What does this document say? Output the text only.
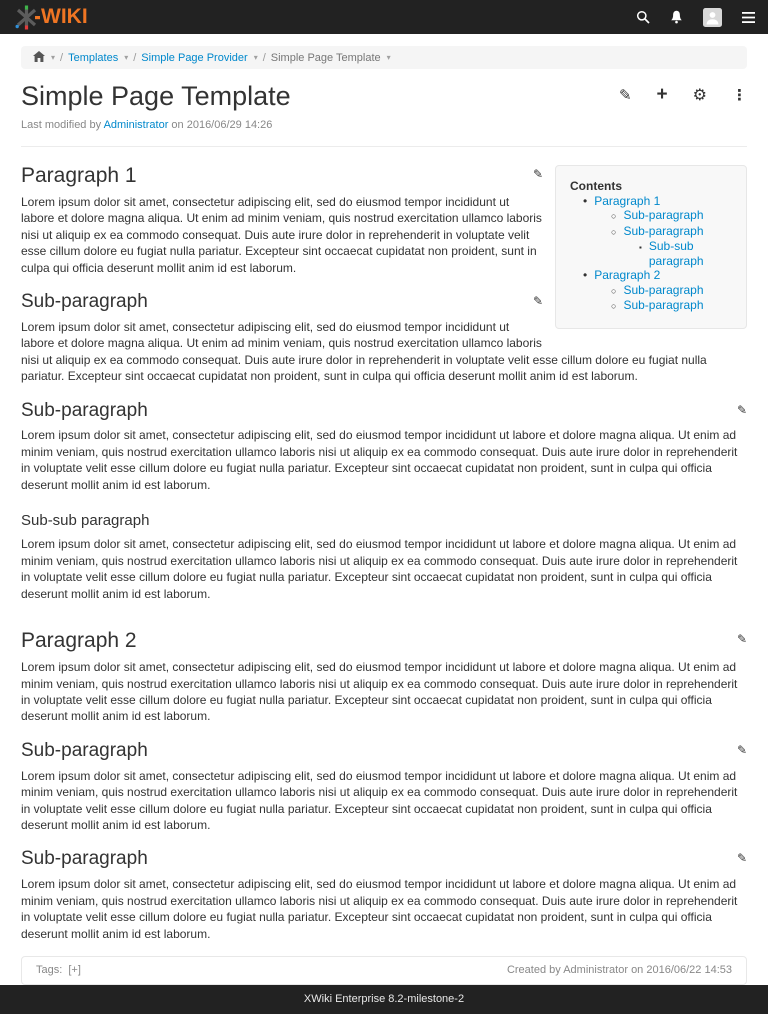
WIKI
▾ / Templates ▾ / Simple Page Provider ▾ / Simple Page Template ▾
Simple Page Template	✎ + ⚙ ⋮
Last modified by Administrator on 2016/06/29 14:26
Contents
• Paragraph 1
○ Sub-paragraph
○ Sub-paragraph
▪ Sub-sub paragraph
• Paragraph 2
○ Sub-paragraph
○ Sub-paragraph
✎
Paragraph 1

Lorem ipsum dolor sit amet, consectetur adipiscing elit, sed do eiusmod tempor incididunt ut labore et dolore magna aliqua. Ut enim ad minim veniam, quis nostrud exercitation ullamco laboris nisi ut aliquip ex ea commodo consequat. Duis aute irure dolor in reprehenderit in voluptate velit esse cillum dolore eu fugiat nulla pariatur. Excepteur sint occaecat cupidatat non proident, sunt in culpa qui officia deserunt mollit anim id est laborum.

✎
Sub-paragraph

Lorem ipsum dolor sit amet, consectetur adipiscing elit, sed do eiusmod tempor incididunt ut labore et dolore magna aliqua. Ut enim ad minim veniam, quis nostrud exercitation ullamco laboris nisi ut aliquip ex ea commodo consequat. Duis aute irure dolor in reprehenderit in voluptate velit esse cillum dolore eu fugiat nulla pariatur. Excepteur sint occaecat cupidatat non proident, sunt in culpa qui officia deserunt mollit anim id est laborum.

✎
Sub-paragraph

Lorem ipsum dolor sit amet, consectetur adipiscing elit, sed do eiusmod tempor incididunt ut labore et dolore magna aliqua. Ut enim ad minim veniam, quis nostrud exercitation ullamco laboris nisi ut aliquip ex ea commodo consequat. Duis aute irure dolor in reprehenderit in voluptate velit esse cillum dolore eu fugiat nulla pariatur. Excepteur sint occaecat cupidatat non proident, sunt in culpa qui officia deserunt mollit anim id est laborum.

Sub-sub paragraph

Lorem ipsum dolor sit amet, consectetur adipiscing elit, sed do eiusmod tempor incididunt ut labore et dolore magna aliqua. Ut enim ad minim veniam, quis nostrud exercitation ullamco laboris nisi ut aliquip ex ea commodo consequat. Duis aute irure dolor in reprehenderit in voluptate velit esse cillum dolore eu fugiat nulla pariatur. Excepteur sint occaecat cupidatat non proident, sunt in culpa qui officia deserunt mollit anim id est laborum.

✎
Paragraph 2

Lorem ipsum dolor sit amet, consectetur adipiscing elit, sed do eiusmod tempor incididunt ut labore et dolore magna aliqua. Ut enim ad minim veniam, quis nostrud exercitation ullamco laboris nisi ut aliquip ex ea commodo consequat. Duis aute irure dolor in reprehenderit in voluptate velit esse cillum dolore eu fugiat nulla pariatur. Excepteur sint occaecat cupidatat non proident, sunt in culpa qui officia deserunt mollit anim id est laborum.

✎
Sub-paragraph

Lorem ipsum dolor sit amet, consectetur adipiscing elit, sed do eiusmod tempor incididunt ut labore et dolore magna aliqua. Ut enim ad minim veniam, quis nostrud exercitation ullamco laboris nisi ut aliquip ex ea commodo consequat. Duis aute irure dolor in reprehenderit in voluptate velit esse cillum dolore eu fugiat nulla pariatur. Excepteur sint occaecat cupidatat non proident, sunt in culpa qui officia deserunt mollit anim id est laborum.

✎
Sub-paragraph

Lorem ipsum dolor sit amet, consectetur adipiscing elit, sed do eiusmod tempor incididunt ut labore et dolore magna aliqua. Ut enim ad minim veniam, quis nostrud exercitation ullamco laboris nisi ut aliquip ex ea commodo consequat. Duis aute irure dolor in reprehenderit in voluptate velit esse cillum dolore eu fugiat nulla pariatur. Excepteur sint occaecat cupidatat non proident, sunt in culpa qui officia deserunt mollit anim id est laborum.

Tags: [+]	Created by Administrator on 2016/06/22 14:53
XWiki Enterprise 8.2-milestone-2
